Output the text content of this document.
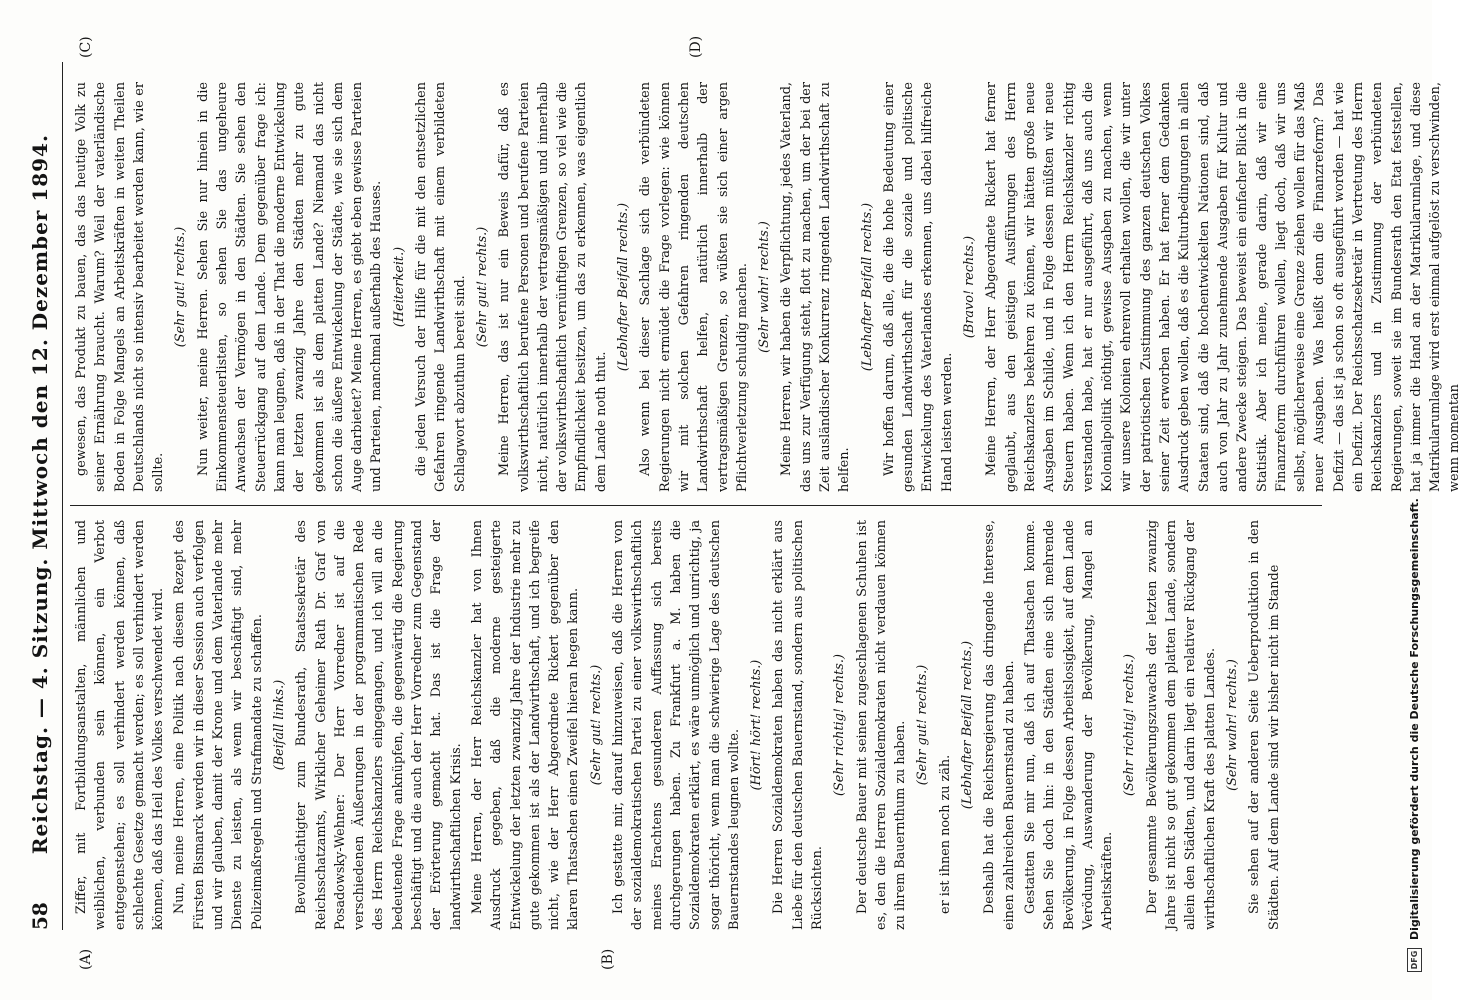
58
Reichstag. — 4. Sitzung. Mittwoch den 12. Dezember 1894.
(A)	(B)
(C)	(D)

Ziffer, mit Fortbildungsanstalten, männlichen und weiblichen, verbunden sein können, ein Verbot entgegenstehen; es soll verhindert werden können, daß schlechte Gesetze gemacht werden; es soll verhindert werden können, daß das Heil des Volkes verschwendet wird. Nun, meine Herren, eine Politik nach diesem Rezept des Fürsten Bismarck werden wir in dieser Session auch verfolgen und wir glauben, damit der Krone und dem Vaterlande mehr Dienste zu leisten, als wenn wir beschäftigt sind, mehr Polizeimaßregeln und Strafmandate zu schaffen. (Beifall links.) Bevollmächtigter zum Bundesrath, Staatssekretär des Reichsschatzamts, Wirklicher Geheimer Rath Dr. Graf von Posadowsky-Wehner: Der Herr Vorredner ist auf die verschiedenen Äußerungen in der programmatischen Rede des Herrn Reichskanzlers eingegangen, und ich will an die bedeutende Frage anknüpfen, die gegenwärtig die Regierung beschäftigt und die auch der Herr Vorredner zum Gegenstand der Erörterung gemacht hat. Das ist die Frage der landwirthschaftlichen Krisis. Meine Herren, der Herr Reichskanzler hat von Ihnen Ausdruck gegeben, daß die moderne gesteigerte Entwickelung der letzten zwanzig Jahre der Industrie mehr zu gute gekommen ist als der Landwirthschaft, und ich begreife nicht, wie der Herr Abgeordnete Rickert gegenüber den klaren Thatsachen einen Zweifel hieran hegen kann. (Sehr gut! rechts.) Ich gestatte mir, darauf hinzuweisen, daß die Herren von der sozialdemokratischen Partei zu einer volkswirthschaftlich meines Erachtens gesunderen Auffassung sich bereits durchgerungen haben. Zu Frankfurt a. M. haben die Sozialdemokraten erklärt, es wäre unmöglich und unrichtig, ja sogar thöricht, wenn man die schwierige Lage des deutschen Bauernstandes leugnen wollte.

(Hört! hört! rechts.) Die Herren Sozialdemokraten haben das nicht erklärt aus Liebe für den deutschen Bauernstand, sondern aus politischen Rücksichten.

(Sehr richtig! rechts.) Der deutsche Bauer mit seinen zugeschlagenen Schuhen ist es, den die Herren Sozialdemokraten nicht verdauen können zu ihrem Bauernthum zu haben. (Sehr gut! rechts.)

er ist ihnen noch zu zäh.

(Lebhafter Beifall rechts.) Deshalb hat die Reichsregierung das dringende Interesse, einen zahlreichen Bauernstand zu haben. Gestatten Sie mir nun, daß ich auf Thatsachen komme. Sehen Sie doch hin: in den Städten eine sich mehrende Bevölkerung, in Folge dessen Arbeitslosigkeit, auf dem Lande Verödung, Auswanderung der Bevölkerung, Mangel an Arbeitskräften.

(Sehr richtig! rechts.) Der gesammte Bevölkerungszuwachs der letzten zwanzig Jahre ist nicht so gut gekommen dem platten Lande, sondern allein den Städten, und darin liegt ein relativer Rückgang der wirthschaftlichen Kraft des platten Landes. (Sehr wahr! rechts.) Sie sehen auf der anderen Seite Ueberproduktion in den Städten. Auf dem Lande sind wir bisher nicht im Stande

gewesen, das Produkt zu bauen, das das heutige Volk zu seiner Ernährung braucht. Warum? Weil der vaterländische Boden in Folge Mangels an Arbeitskräften in weiten Theilen Deutschlands nicht so intensiv bearbeitet werden kann, wie er sollte.

(Sehr gut! rechts.) Nun weiter, meine Herren. Sehen Sie nur hinein in die Einkommensteuerlisten, so sehen Sie das ungeheure Anwachsen der Vermögen in den Städten. Sie sehen den Steuerrückgang auf dem Lande. Dem gegenüber frage ich: kann man leugnen, daß in der That die moderne Entwickelung der letzten zwanzig Jahre den Städten mehr zu gute gekommen ist als dem platten Lande? Niemand das nicht schon die äußere Entwickelung der Städte, wie sie sich dem Auge darbietet? Meine Herren, es giebt eben gewisse Parteien und Parteien, manchmal außerhalb des Hauses. (Heiterkeit.) die jeden Versuch der Hilfe für die mit den entsetzlichen Gefahren ringende Landwirthschaft mit einem verbildeten Schlagwort abzuthun bereit sind. (Sehr gut! rechts.) Meine Herren, das ist nur ein Beweis dafür, daß es volkswirthschaftlich berufene Personen und berufene Parteien nicht, natürlich innerhalb der vertragsmäßigen und innerhalb der volkswirthschaftlich vernünftigen Grenzen, so viel wie die Empfindlichkeit besitzen, um das zu erkennen, was eigentlich dem Lande noth thut.

(Lebhafter Beifall rechts.) Also wenn bei dieser Sachlage sich die verbündeten Regierungen nicht ermüdet die Frage vorlegen: wie können wir mit solchen Gefahren ringenden deutschen Landwirthschaft helfen, natürlich innerhalb der vertragsmäßigen Grenzen, so wüßten sie sich einer argen Pflichtverletzung schuldig machen. (Sehr wahr! rechts.) Meine Herren, wir haben die Verpflichtung, jedes Vaterland, das uns zur Verfügung steht, flott zu machen, um der bei der Zeit ausländischer Konkurrenz ringenden Landwirthschaft zu helfen.

(Lebhafter Beifall rechts.) Wir hoffen darum, daß alle, die die hohe Bedeutung einer gesunden Landwirthschaft für die soziale und politische Entwickelung des Vaterlandes erkennen, uns dabei hilfreiche Hand leisten werden.

(Bravo! rechts.) Meine Herren, der Herr Abgeordnete Rickert hat ferner geglaubt, aus den geistigen Ausführungen des Herrn Reichskanzlers bekehren zu können, wir hätten große neue Ausgaben im Schilde, und in Folge dessen müßten wir neue Steuern haben. Wenn ich den Herrn Reichskanzler richtig verstanden habe, hat er nur ausgeführt, daß uns auch die Kolonialpolitik nöthigt, gewisse Ausgaben zu machen, wenn wir unsere Kolonien ehrenvoll erhalten wollen, die wir unter der patriotischen Zustimmung des ganzen deutschen Volkes seiner Zeit erworben haben. Er hat ferner dem Gedanken Ausdruck geben wollen, daß es die Kulturbedingungen in allen Staaten sind, daß die hochentwickelten Nationen sind, daß auch von Jahr zu Jahr zunehmende Ausgaben für Kultur und andere Zwecke steigen. Das beweist ein einfacher Blick in die Statistik. Aber ich meine, gerade darin, daß wir eine Finanzreform durchführen wollen, liegt doch, daß wir uns selbst, möglicherweise eine Grenze ziehen wollen für das Maß neuer Ausgaben. Was heißt denn die Finanzreform? Das Defizit — das ist ja schon so oft ausgeführt worden — hat wie ein Defizit. Der Reichsschatzsekretär in Vertretung des Herrn Reichskanzlers und in Zustimmung der verbündeten Regierungen, soweit sie im Bundesrath den Etat feststellen, hat ja immer die Hand an der Matrikularumlage, und diese Matrikularumlage wird erst einmal aufgelöst zu verschwinden, wenn momentan

DFG
Digitalisierung gefördert durch die Deutsche Forschungsgemeinschaft.
